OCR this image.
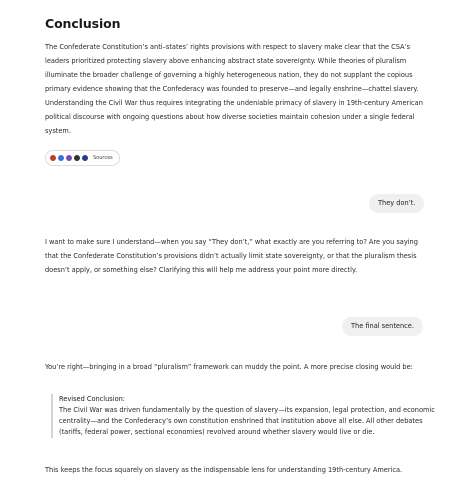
Conclusion

The Confederate Constitution’s anti–states’ rights provisions with respect to slavery make clear that the CSA’s leaders prioritized protecting slavery above enhancing abstract state sovereignty. While theories of pluralism illuminate the broader challenge of governing a highly heterogeneous nation, they do not supplant the copious primary evidence showing that the Confederacy was founded to preserve—and legally enshrine—chattel slavery. Understanding the Civil War thus requires integrating the undeniable primacy of slavery in 19th-century American political discourse with ongoing questions about how diverse societies maintain cohesion under a single federal system.

Sources
They don’t.

I want to make sure I understand—when you say “They don’t,” what exactly are you referring to? Are you saying that the Confederate Constitution’s provisions didn’t actually limit state sovereignty, or that the pluralism thesis doesn’t apply, or something else? Clarifying this will help me address your point more directly.

The final sentence.

You’re right—bringing in a broad “pluralism” framework can muddy the point. A more precise closing would be:

Revised Conclusion:

The Civil War was driven fundamentally by the question of slavery—its expansion, legal protection, and economic centrality—and the Confederacy’s own constitution enshrined that institution above all else. All other debates (tariffs, federal power, sectional economies) revolved around whether slavery would live or die.

This keeps the focus squarely on slavery as the indispensable lens for understanding 19th-century America.
